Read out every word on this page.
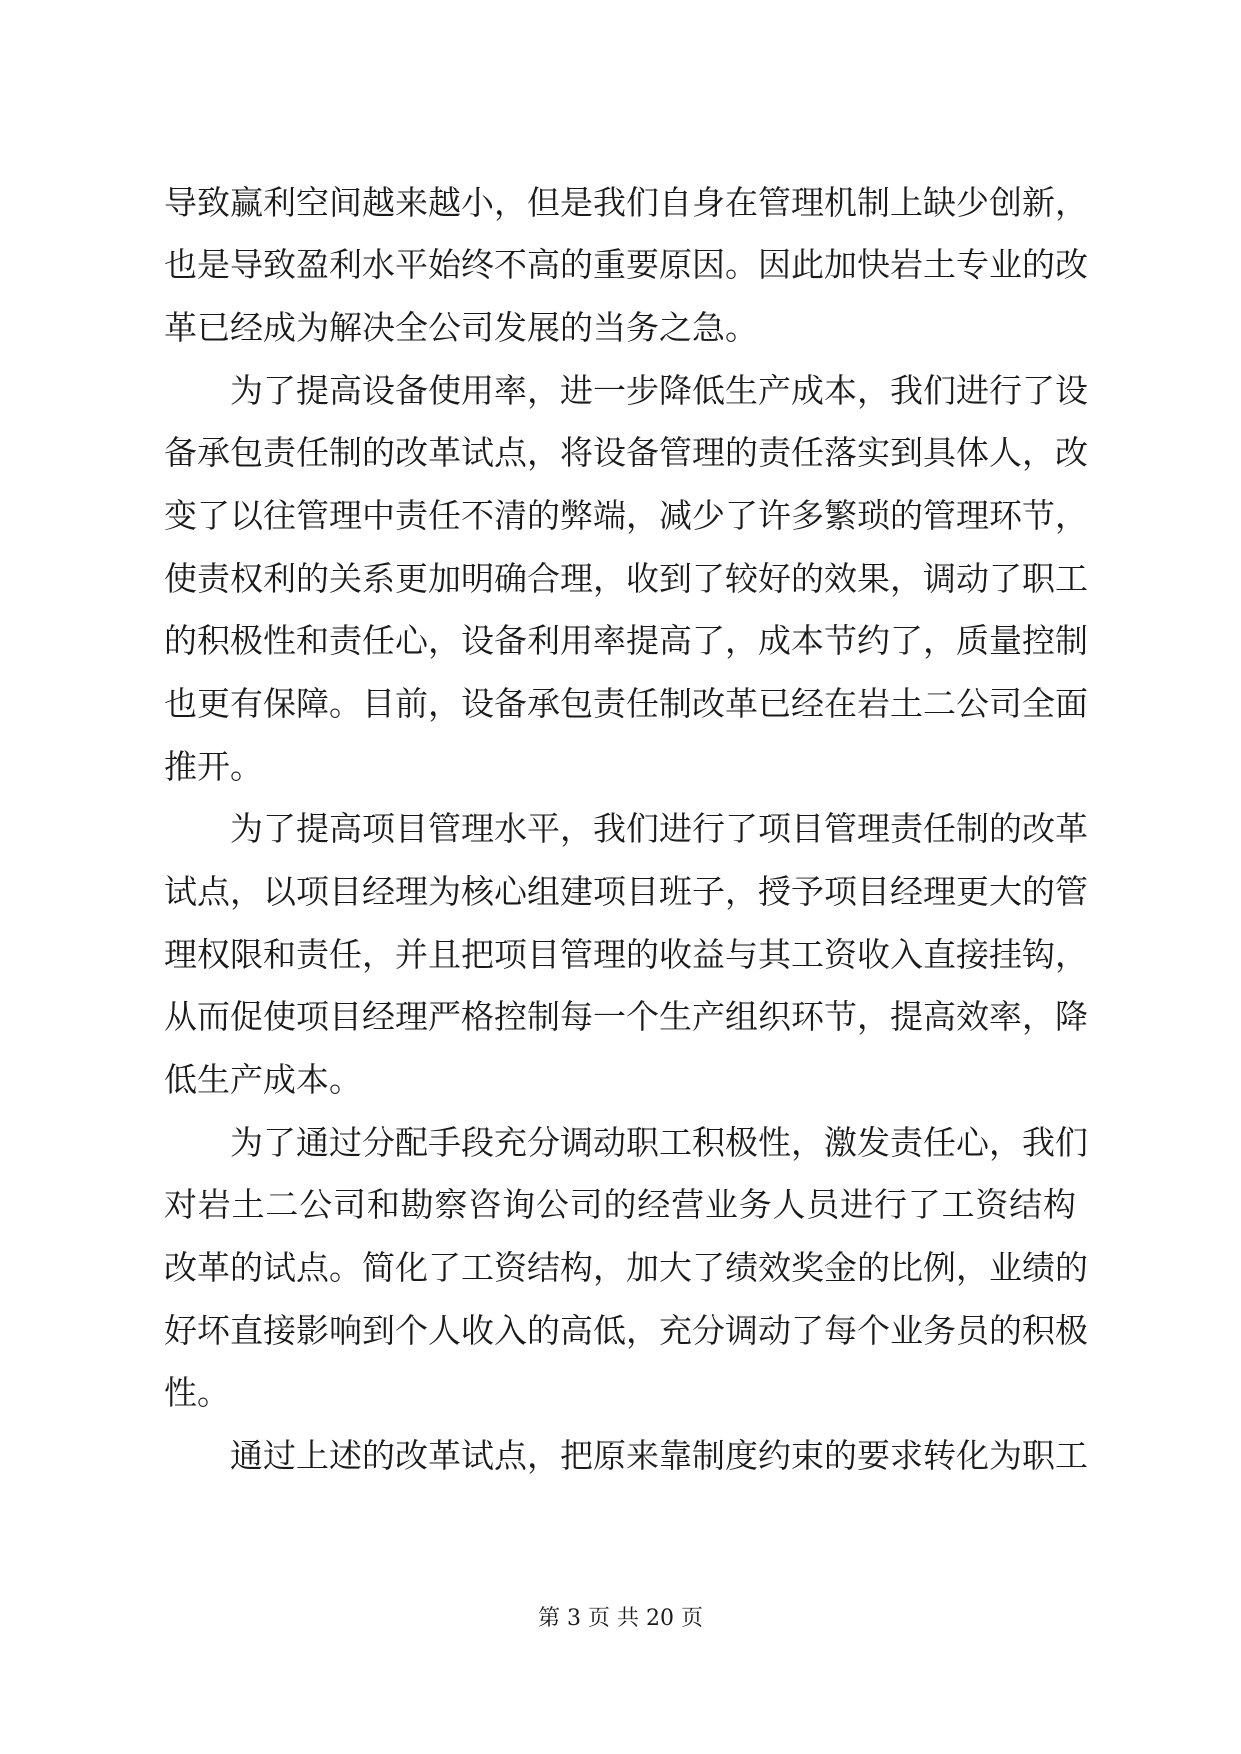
导致赢利空间越来越小，但是我们自身在管理机制上缺少创新，
也是导致盈利水平始终不高的重要原因。因此加快岩土专业的改
革已经成为解决全公司发展的当务之急。
为了提高设备使用率，进一步降低生产成本，我们进行了设
备承包责任制的改革试点，将设备管理的责任落实到具体人，改
变了以往管理中责任不清的弊端，减少了许多繁琐的管理环节，
使责权利的关系更加明确合理，收到了较好的效果，调动了职工
的积极性和责任心，设备利用率提高了，成本节约了，质量控制
也更有保障。目前，设备承包责任制改革已经在岩土二公司全面
推开。
为了提高项目管理水平，我们进行了项目管理责任制的改革
试点，以项目经理为核心组建项目班子，授予项目经理更大的管
理权限和责任，并且把项目管理的收益与其工资收入直接挂钩，
从而促使项目经理严格控制每一个生产组织环节，提高效率，降
低生产成本。
为了通过分配手段充分调动职工积极性，激发责任心，我们
对岩土二公司和勘察咨询公司的经营业务人员进行了工资结构
改革的试点。简化了工资结构，加大了绩效奖金的比例，业绩的
好坏直接影响到个人收入的高低，充分调动了每个业务员的积极
性。
通过上述的改革试点，把原来靠制度约束的要求转化为职工
第 3 页 共 20 页
